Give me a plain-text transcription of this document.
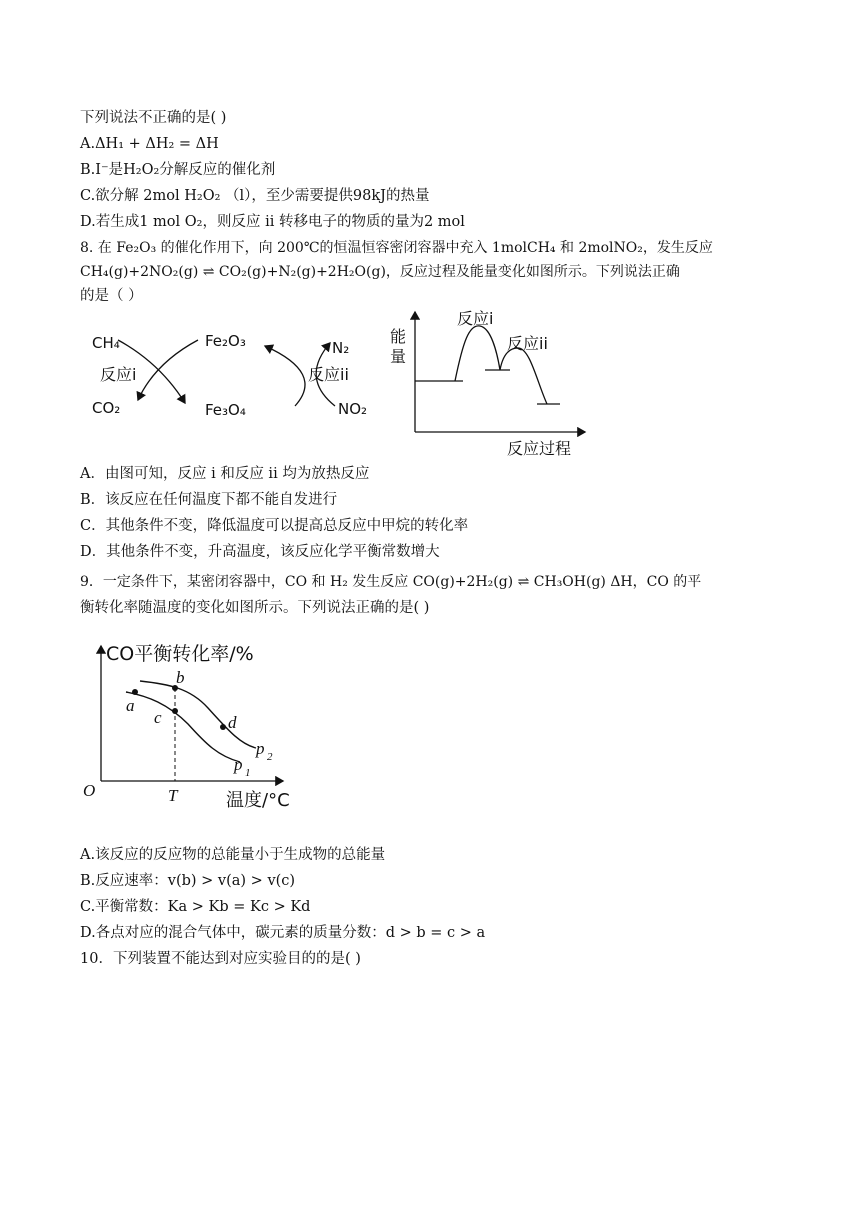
下列说法不正确的是( )
A.ΔH₁ + ΔH₂ = ΔH
B.I⁻是H₂O₂分解反应的催化剂
C.欲分解 2mol H₂O₂ （l），至少需要提供98kJ的热量
D.若生成1 mol O₂，则反应 ii 转移电子的物质的量为2 mol
8. 在 Fe₂O₃ 的催化作用下，向 200℃的恒温恒容密闭容器中充入 1molCH₄ 和 2molNO₂，发生反应
CH₄(g)+2NO₂(g) ⇌ CO₂(g)+N₂(g)+2H₂O(g)，反应过程及能量变化如图所示。下列说法正确
的是（ ）
CH₄
CO₂
反应i
Fe₂O₃
Fe₃O₄
反应ii
N₂
NO₂
能
量
反应过程
反应i
反应ii
A．由图可知，反应 i 和反应 ii 均为放热反应
B．该反应在任何温度下都不能自发进行
C．其他条件不变，降低温度可以提高总反应中甲烷的转化率
D．其他条件不变，升高温度，该反应化学平衡常数增大
9．一定条件下，某密闭容器中，CO 和 H₂ 发生反应 CO(g)+2H₂(g) ⇌ CH₃OH(g) ΔH，CO 的平
衡转化率随温度的变化如图所示。下列说法正确的是( )
CO平衡转化率/%
温度/°C
O	T
a
b
c	d
p 2
p 1
A.该反应的反应物的总能量小于生成物的总能量
B.反应速率：v(b) > v(a) > v(c)
C.平衡常数：Ka > Kb = Kc > Kd
D.各点对应的混合气体中，碳元素的质量分数：d > b = c > a
10．下列装置不能达到对应实验目的的是( )
